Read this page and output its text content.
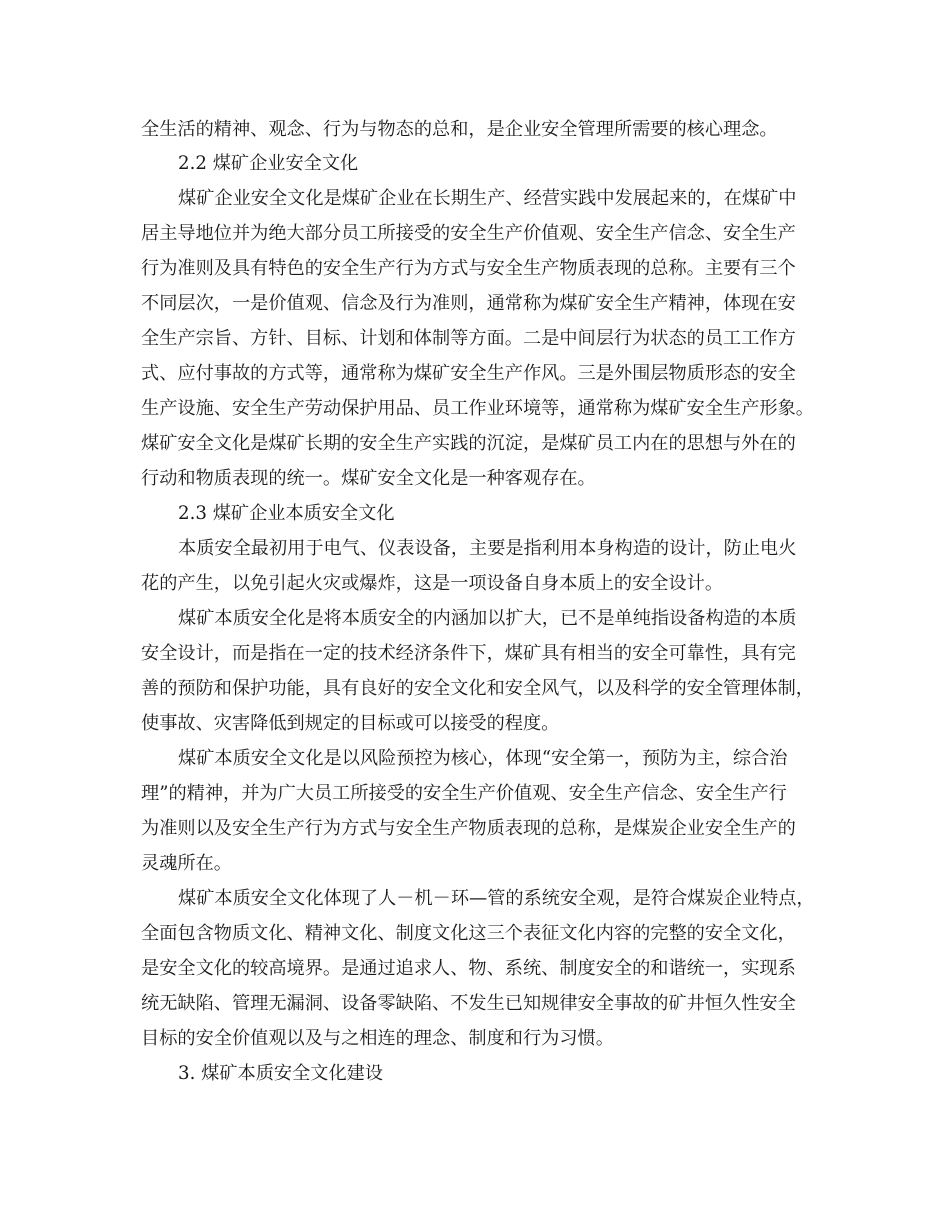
全生活的精神、观念、行为与物态的总和，是企业安全管理所需要的核心理念。
2.2 煤矿企业安全文化
煤矿企业安全文化是煤矿企业在长期生产、经营实践中发展起来的，在煤矿中
居主导地位并为绝大部分员工所接受的安全生产价值观、安全生产信念、安全生产
行为准则及具有特色的安全生产行为方式与安全生产物质表现的总称。主要有三个
不同层次，一是价值观、信念及行为准则，通常称为煤矿安全生产精神，体现在安
全生产宗旨、方针、目标、计划和体制等方面。二是中间层行为状态的员工工作方
式、应付事故的方式等，通常称为煤矿安全生产作风。三是外围层物质形态的安全
生产设施、安全生产劳动保护用品、员工作业环境等，通常称为煤矿安全生产形象。
煤矿安全文化是煤矿长期的安全生产实践的沉淀，是煤矿员工内在的思想与外在的
行动和物质表现的统一。煤矿安全文化是一种客观存在。
2.3 煤矿企业本质安全文化
本质安全最初用于电气、仪表设备，主要是指利用本身构造的设计，防止电火
花的产生，以免引起火灾或爆炸，这是一项设备自身本质上的安全设计。
煤矿本质安全化是将本质安全的内涵加以扩大，已不是单纯指设备构造的本质
安全设计，而是指在一定的技术经济条件下，煤矿具有相当的安全可靠性，具有完
善的预防和保护功能，具有良好的安全文化和安全风气，以及科学的安全管理体制，
使事故、灾害降低到规定的目标或可以接受的程度。
煤矿本质安全文化是以风险预控为核心，体现“安全第一，预防为主，综合治
理”的精神，并为广大员工所接受的安全生产价值观、安全生产信念、安全生产行
为准则以及安全生产行为方式与安全生产物质表现的总称，是煤炭企业安全生产的
灵魂所在。
煤矿本质安全文化体现了人－机－环—管的系统安全观，是符合煤炭企业特点，
全面包含物质文化、精神文化、制度文化这三个表征文化内容的完整的安全文化，
是安全文化的较高境界。是通过追求人、物、系统、制度安全的和谐统一，实现系
统无缺陷、管理无漏洞、设备零缺陷、不发生已知规律安全事故的矿井恒久性安全
目标的安全价值观以及与之相连的理念、制度和行为习惯。
3. 煤矿本质安全文化建设
